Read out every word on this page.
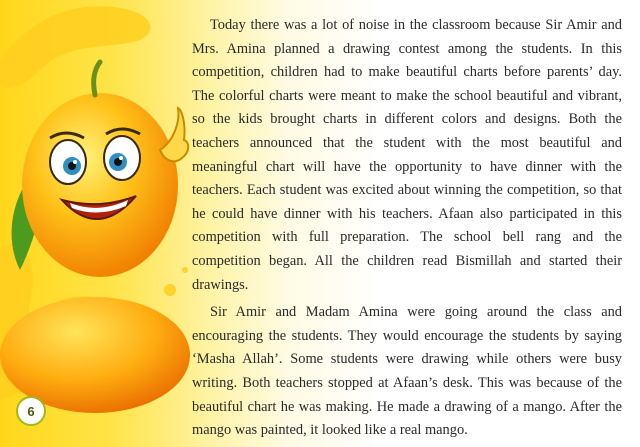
Today there was a lot of noise in the classroom because Sir Amir and Mrs. Amina planned a drawing contest among the students. In this competition, children had to make beautiful charts before parents’ day. The colorful charts were meant to make the school beautiful and vibrant, so the kids brought charts in different colors and designs. Both the teachers announced that the student with the most beautiful and meaningful chart will have the opportunity to have dinner with the teachers. Each student was excited about winning the competition, so that he could have dinner with his teachers. Afaan also participated in this competition with full preparation. The school bell rang and the competition began. All the children read Bismillah and started their drawings.

Sir Amir and Madam Amina were going around the class and encouraging the students. They would encourage the students by saying ‘Masha Allah’. Some students were drawing while others were busy writing. Both teachers stopped at Afaan’s desk. This was because of the beautiful chart he was making. He made a drawing of a mango. After the mango was painted, it looked like a real mango.

6
